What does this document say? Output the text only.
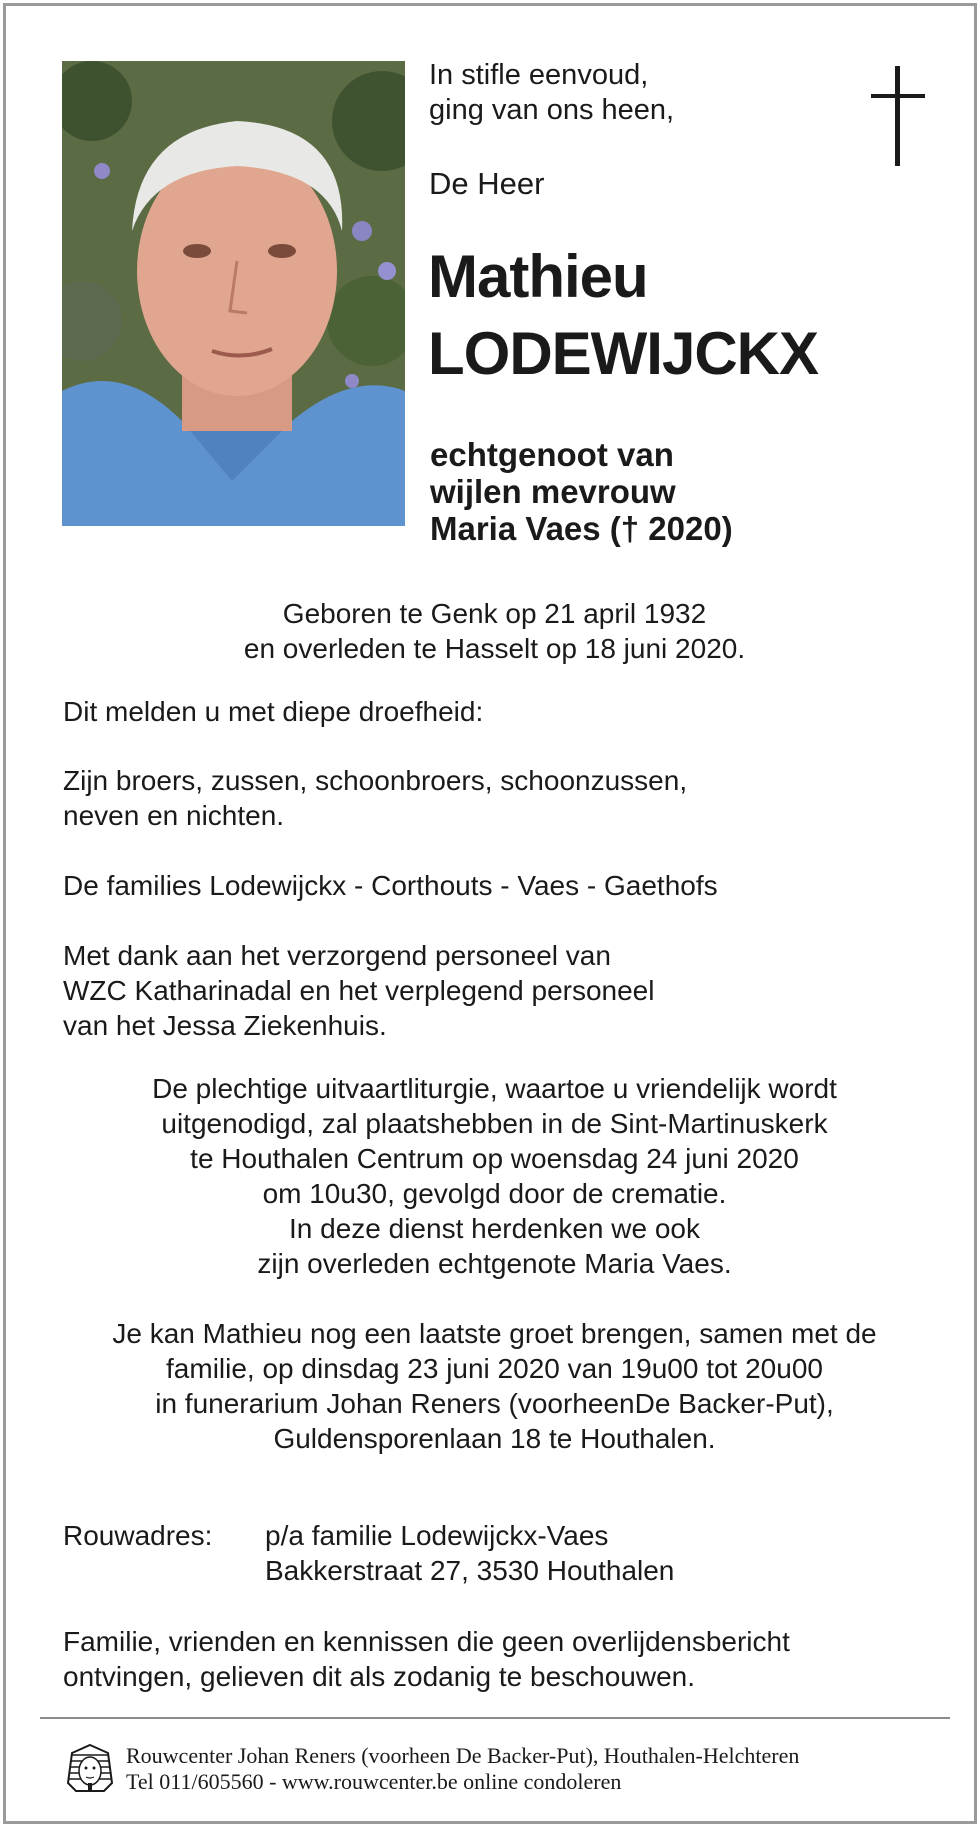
In stifle eenvoud,
ging van ons heen,

De Heer

Mathieu

LODEWIJCKX

echtgenoot van
wijlen mevrouw
Maria Vaes († 2020)

Geboren te Genk op 21 april 1932
en overleden te Hasselt op 18 juni 2020.

Dit melden u met diepe droefheid:

Zijn broers, zussen, schoonbroers, schoonzussen,
neven en nichten.

De families Lodewijckx - Corthouts - Vaes - Gaethofs

Met dank aan het verzorgend personeel van
WZC Katharinadal en het verplegend personeel
van het Jessa Ziekenhuis.

De plechtige uitvaartliturgie, waartoe u vriendelijk wordt
uitgenodigd, zal plaatshebben in de Sint-Martinuskerk
te Houthalen Centrum op woensdag 24 juni 2020
om 10u30, gevolgd door de crematie.
In deze dienst herdenken we ook
zijn overleden echtgenote Maria Vaes.

Je kan Mathieu nog een laatste groet brengen, samen met de
familie, op dinsdag 23 juni 2020 van 19u00 tot 20u00
in funerarium Johan Reners (voorheenDe Backer-Put),
Guldensporenlaan 18 te Houthalen.

Rouwadres: p/a familie Lodewijckx-Vaes
Bakkerstraat 27, 3530 Houthalen

Familie, vrienden en kennissen die geen overlijdensbericht
ontvingen, gelieven dit als zodanig te beschouwen.

Rouwcenter Johan Reners (voorheen De Backer-Put), Houthalen-Helchteren
Tel 011/605560 - www.rouwcenter.be online condoleren
